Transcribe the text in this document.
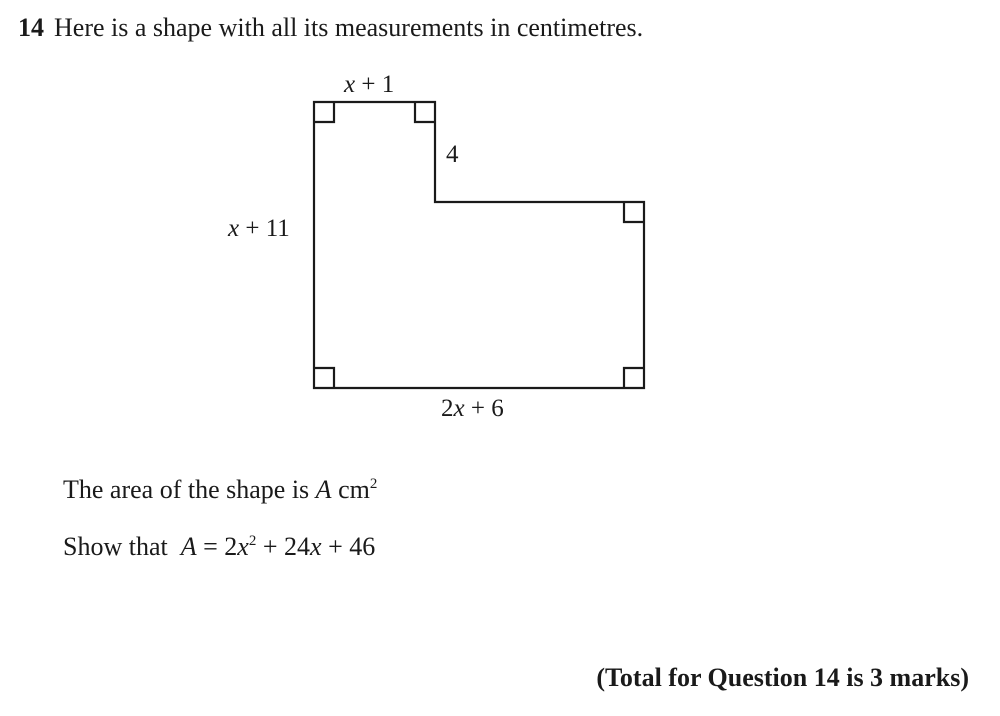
14 Here is a shape with all its measurements in centimetres.
x + 1
4
x + 11
2x + 6
The area of the shape is A $cm^2$
Show that  $A = 2x^2 + 24x + 46$
(Total for Question 14 is 3 marks)
